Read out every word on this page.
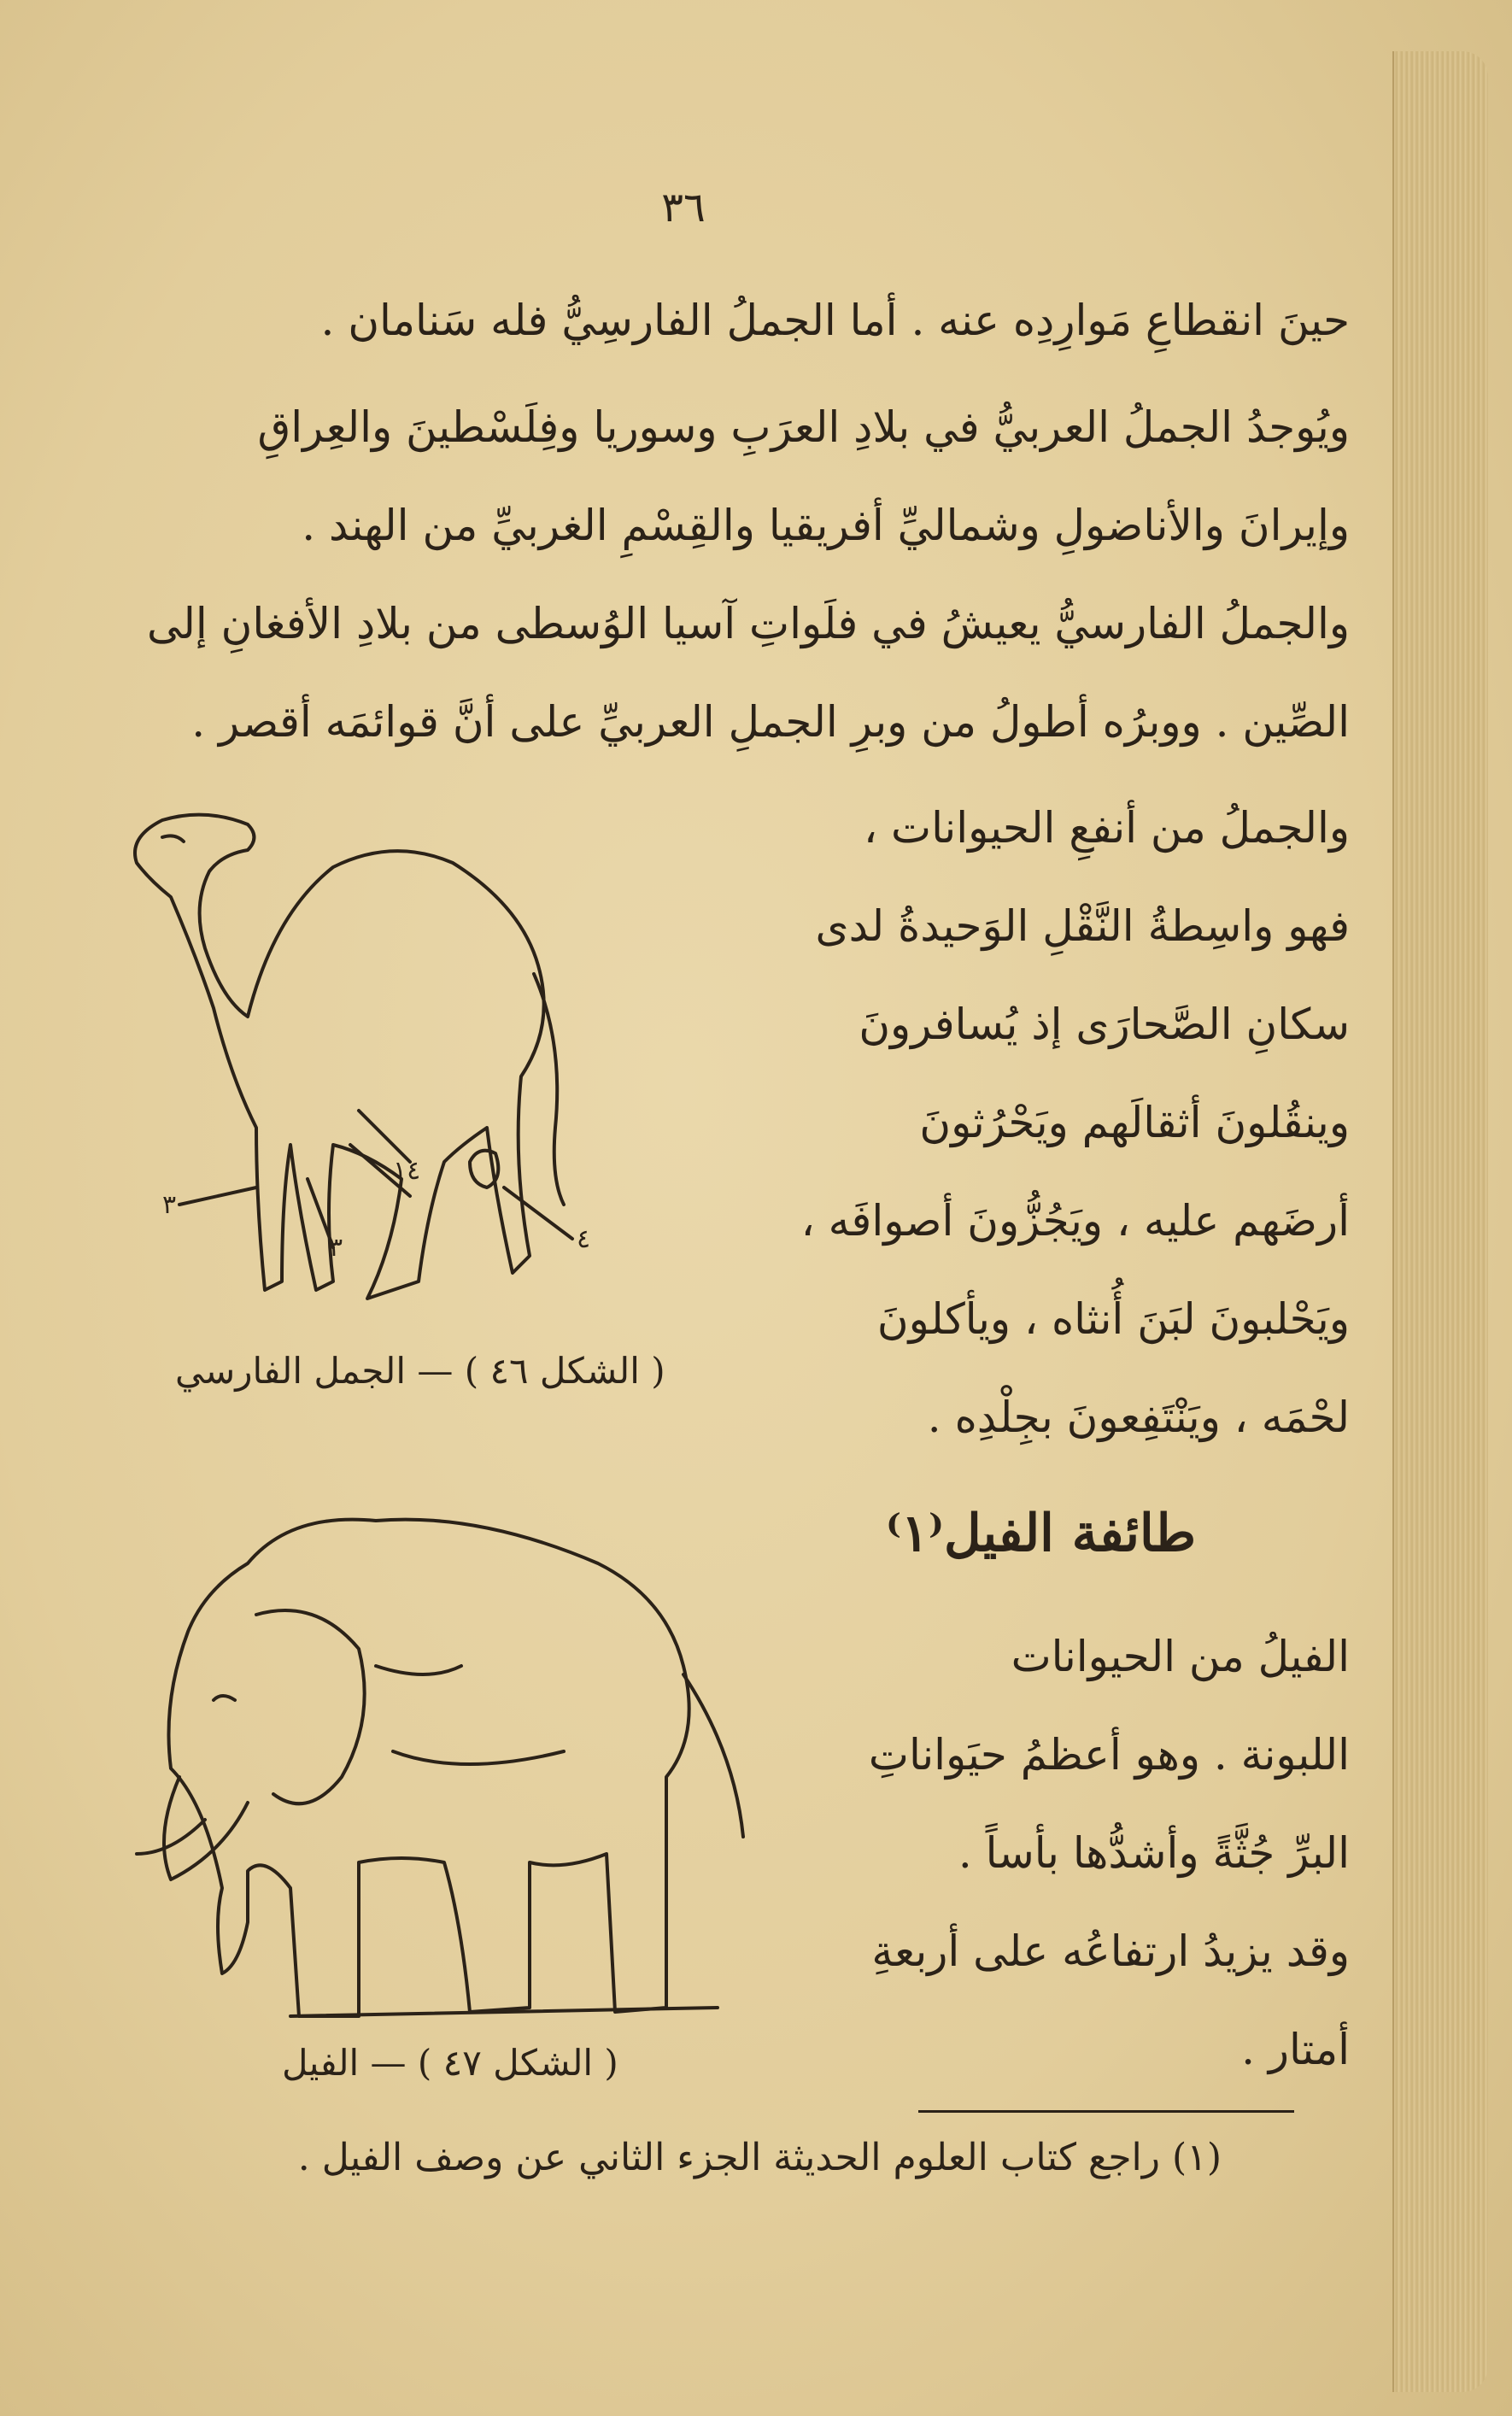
٣٦
حينَ انقطاعِ مَوارِدِه عنه . أما الجملُ الفارسِيُّ فله سَنامان .
ويُوجدُ الجملُ العربيُّ في بلادِ العرَبِ وسوريا وفِلَسْطينَ والعِراقِ
وإيرانَ والأناضولِ وشماليِّ أفريقيا والقِسْمِ الغربيِّ من الهند .
والجملُ الفارسيُّ يعيشُ في فلَواتِ آسيا الوُسطى من بلادِ الأفغانِ إلى
الصِّين . ووبرُه أطولُ من وبرِ الجملِ العربيِّ على أنَّ قوائمَه أقصر .
١٤
٣
٣	٤
( الشكل ٤٦ ) — الجمل الفارسي
والجملُ من أنفعِ الحيوانات ،
فهو واسِطةُ النَّقْلِ الوَحيدةُ لدى
سكانِ الصَّحارَى إذ يُسافرونَ
وينقُلونَ أثقالَهم ويَحْرُثونَ
أرضَهم عليه ، ويَجُزُّونَ أصوافَه ،
ويَحْلبونَ لبَنَ أُنثاه ، ويأكلونَ
لحْمَه ، ويَنْتَفِعونَ بجِلْدِه .
طائفة الفيل⁽١⁾
( الشكل ٤٧ ) — الفيل
الفيلُ من الحيوانات
اللبونة . وهو أعظمُ حيَواناتِ
البرِّ جُثَّةً وأشدُّها بأساً .
وقد يزيدُ ارتفاعُه على أربعةِ
أمتار .
(١) راجع كتاب العلوم الحديثة الجزء الثاني عن وصف الفيل .
